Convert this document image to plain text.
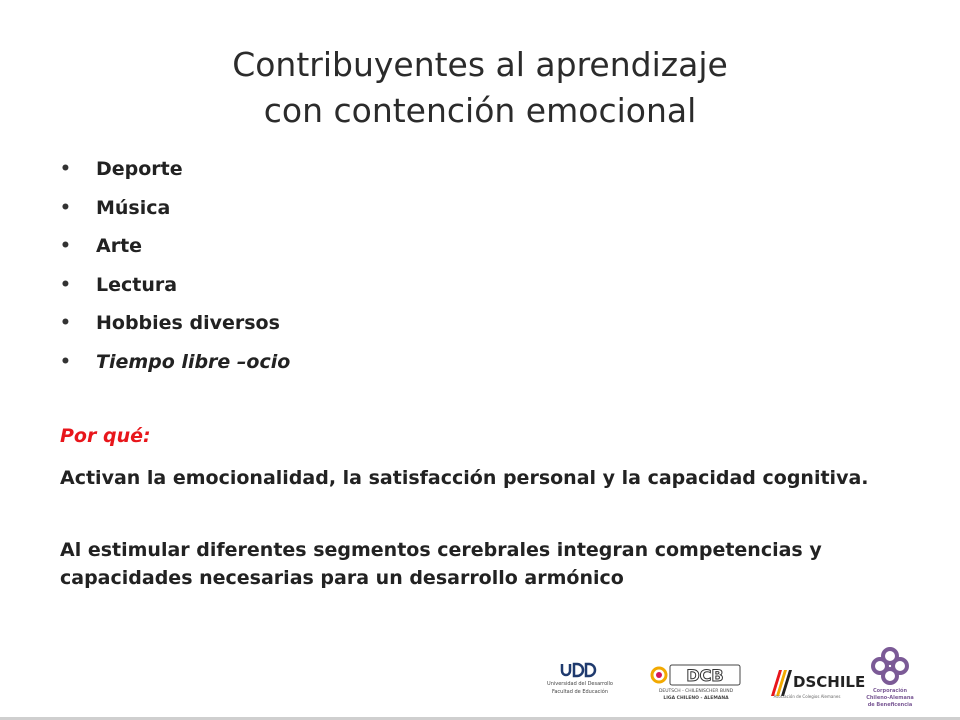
Contribuyentes al aprendizaje
con contención emocional
• Deporte
• Música
• Arte
• Lectura
• Hobbies diversos
• Tiempo libre –ocio
Por qué:
Activan la emocionalidad, la satisfacción personal y la capacidad cognitiva.
Al estimular diferentes segmentos cerebrales integran competencias y capacidades necesarias para un desarrollo armónico
Universidad del Desarrollo
Facultad de Educación
DCB
DEUTSCH - CHILENISCHER BUND
LIGA CHILENO - ALEMANA
DSCHILE
Asociación de Colegios Alemanes
Corporación
Chileno-Alemana
de Beneficencia
